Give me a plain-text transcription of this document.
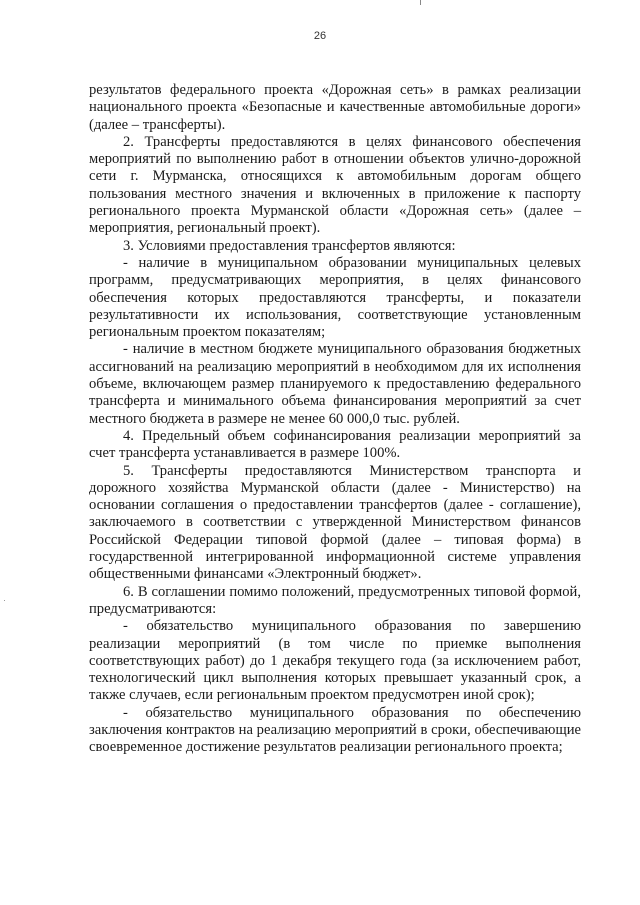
26

результатов федерального проекта «Дорожная сеть» в рамках реализации национального проекта «Безопасные и качественные автомобильные дороги» (далее – трансферты).

2. Трансферты предоставляются в целях финансового обеспечения мероприятий по выполнению работ в отношении объектов улично-дорожной сети г. Мурманска, относящихся к автомобильным дорогам общего пользования местного значения и включенных в приложение к паспорту регионального проекта Мурманской области «Дорожная сеть» (далее – мероприятия, региональный проект).

3. Условиями предоставления трансфертов являются:

- наличие в муниципальном образовании муниципальных целевых программ, предусматривающих мероприятия, в целях финансового обеспечения которых предоставляются трансферты, и показатели результативности их использования, соответствующие установленным региональным проектом показателям;

- наличие в местном бюджете муниципального образования бюджетных ассигнований на реализацию мероприятий в необходимом для их исполнения объеме, включающем размер планируемого к предоставлению федерального трансферта и минимального объема финансирования мероприятий за счет местного бюджета в размере не менее 60 000,0 тыс. рублей.

4. Предельный объем софинансирования реализации мероприятий за счет трансферта устанавливается в размере 100%.

5. Трансферты предоставляются Министерством транспорта и дорожного хозяйства Мурманской области (далее - Министерство) на основании соглашения о предоставлении трансфертов (далее - соглашение), заключаемого в соответствии с утвержденной Министерством финансов Российской Федерации типовой формой (далее – типовая форма) в государственной интегрированной информационной системе управления общественными финансами «Электронный бюджет».

6. В соглашении помимо положений, предусмотренных типовой формой, предусматриваются:

- обязательство муниципального образования по завершению реализации мероприятий (в том числе по приемке выполнения соответствующих работ) до 1 декабря текущего года (за исключением работ, технологический цикл выполнения которых превышает указанный срок, а также случаев, если региональным проектом предусмотрен иной срок);

- обязательство муниципального образования по обеспечению заключения контрактов на реализацию мероприятий в сроки, обеспечивающие своевременное достижение результатов реализации регионального проекта;
